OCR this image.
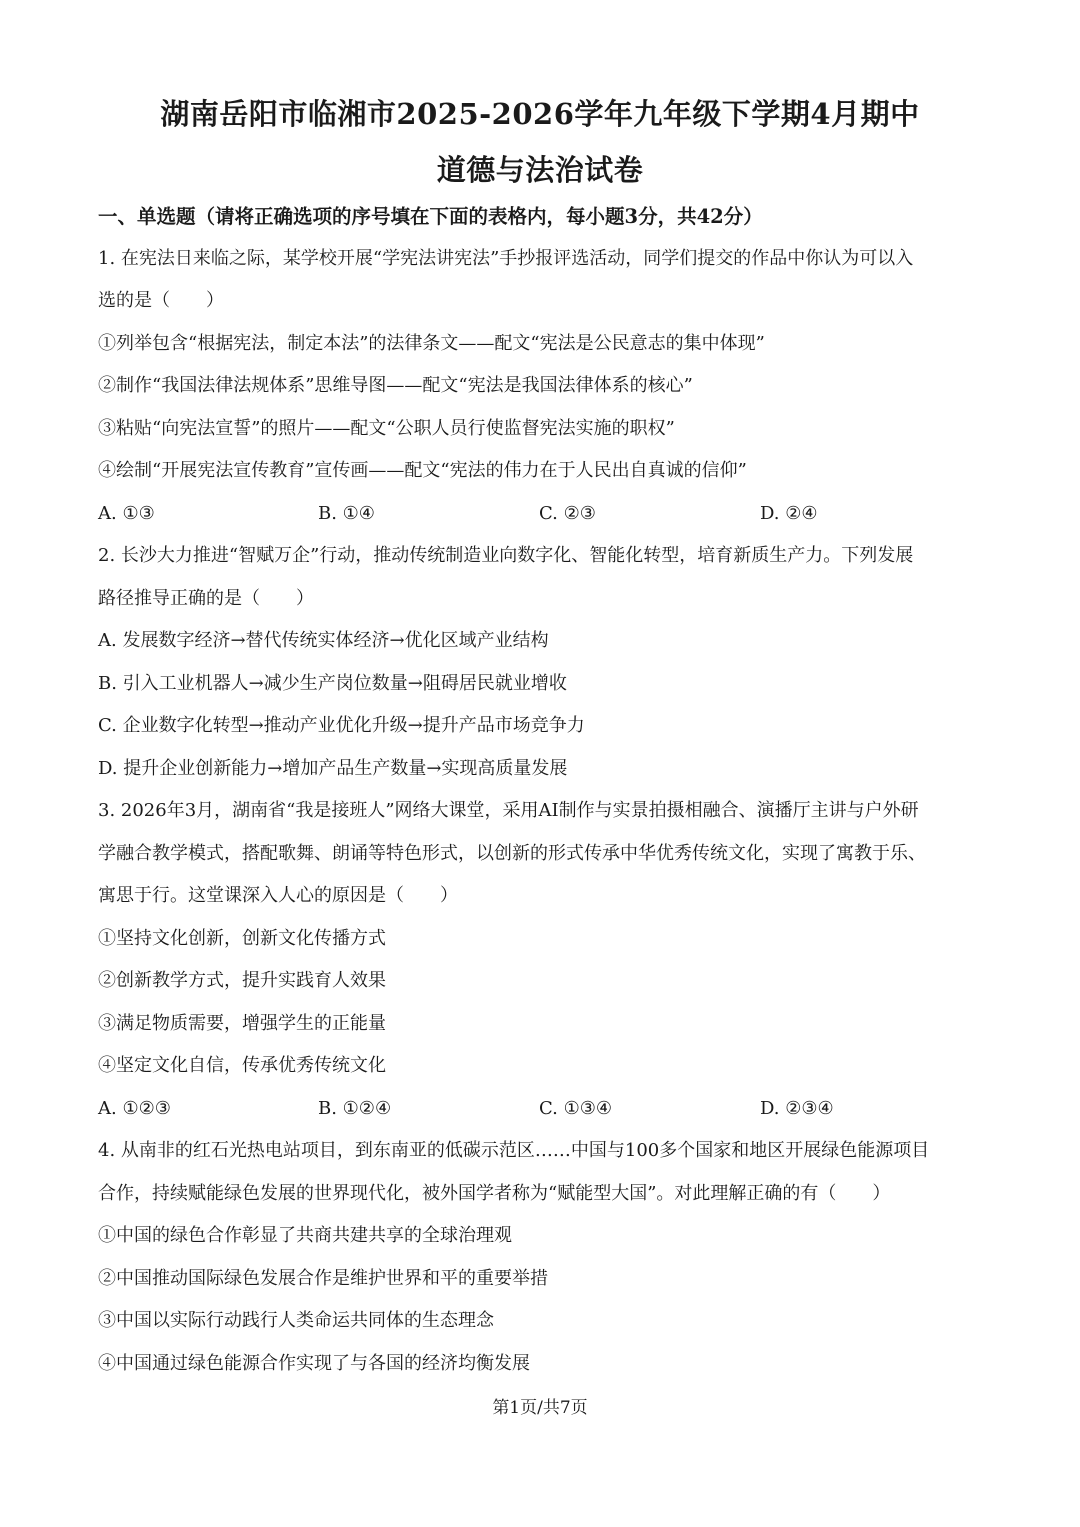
湖南岳阳市临湘市2025-2026学年九年级下学期4月期中
道德与法治试卷
一、单选题（请将正确选项的序号填在下面的表格内，每小题3分，共42分）
1. 在宪法日来临之际，某学校开展“学宪法讲宪法”手抄报评选活动，同学们提交的作品中你认为可以入
选的是（　　）
①列举包含“根据宪法，制定本法”的法律条文——配文“宪法是公民意志的集中体现”
②制作“我国法律法规体系”思维导图——配文“宪法是我国法律体系的核心”
③粘贴“向宪法宣誓”的照片——配文“公职人员行使监督宪法实施的职权”
④绘制“开展宪法宣传教育”宣传画——配文“宪法的伟力在于人民出自真诚的信仰”
A. ①③	B. ①④	C. ②③	D. ②④
2. 长沙大力推进“智赋万企”行动，推动传统制造业向数字化、智能化转型，培育新质生产力。下列发展
路径推导正确的是（　　）
A. 发展数字经济→替代传统实体经济→优化区域产业结构
B. 引入工业机器人→减少生产岗位数量→阻碍居民就业增收
C. 企业数字化转型→推动产业优化升级→提升产品市场竞争力
D. 提升企业创新能力→增加产品生产数量→实现高质量发展
3. 2026年3月，湖南省“我是接班人”网络大课堂，采用AI制作与实景拍摄相融合、演播厅主讲与户外研
学融合教学模式，搭配歌舞、朗诵等特色形式，以创新的形式传承中华优秀传统文化，实现了寓教于乐、
寓思于行。这堂课深入人心的原因是（　　）
①坚持文化创新，创新文化传播方式
②创新教学方式，提升实践育人效果
③满足物质需要，增强学生的正能量
④坚定文化自信，传承优秀传统文化
A. ①②③	B. ①②④	C. ①③④	D. ②③④
4. 从南非的红石光热电站项目，到东南亚的低碳示范区……中国与100多个国家和地区开展绿色能源项目
合作，持续赋能绿色发展的世界现代化，被外国学者称为“赋能型大国”。对此理解正确的有（　　）
①中国的绿色合作彰显了共商共建共享的全球治理观
②中国推动国际绿色发展合作是维护世界和平的重要举措
③中国以实际行动践行人类命运共同体的生态理念
④中国通过绿色能源合作实现了与各国的经济均衡发展
第1页/共7页
